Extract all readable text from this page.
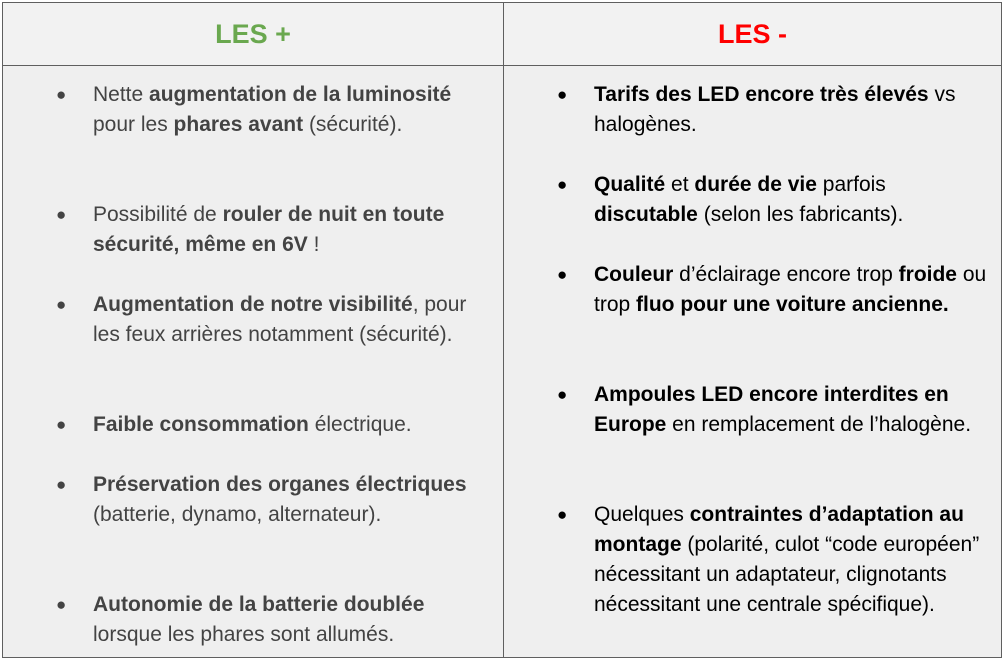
LES +	LES -
● Nette augmentation de la luminosité pour les phares avant (sécurité).
● Possibilité de rouler de nuit en toute sécurité, même en 6V !
● Augmentation de notre visibilité, pour les feux arrières notamment (sécurité).
● Faible consommation électrique.
● Préservation des organes électriques (batterie, dynamo, alternateur).
● Autonomie de la batterie doublée lorsque les phares sont allumés.
● Tarifs des LED encore très élevés vs halogènes.
● Qualité et durée de vie parfois discutable (selon les fabricants).
● Couleur d’éclairage encore trop froide ou trop fluo pour une voiture ancienne.
● Ampoules LED encore interdites en Europe en remplacement de l’halogène.
● Quelques contraintes d’adaptation au montage (polarité, culot “code européen” nécessitant un adaptateur, clignotants nécessitant une centrale spécifique).
